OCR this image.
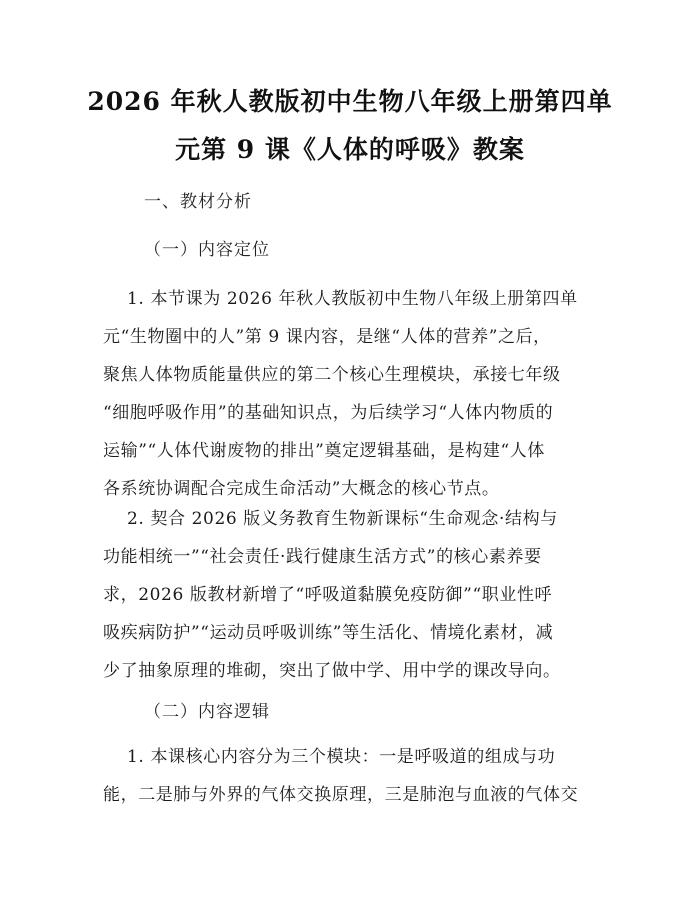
2026 年秋人教版初中生物八年级上册第四单
元第 9 课《人体的呼吸》教案
一、教材分析
（一）内容定位
1. 本节课为 2026 年秋人教版初中生物八年级上册第四单
元“生物圈中的人”第 9 课内容，是继“人体的营养”之后，
聚焦人体物质能量供应的第二个核心生理模块，承接七年级
“细胞呼吸作用”的基础知识点，为后续学习“人体内物质的
运输”“人体代谢废物的排出”奠定逻辑基础，是构建“人体
各系统协调配合完成生命活动”大概念的核心节点。
2. 契合 2026 版义务教育生物新课标“生命观念·结构与
功能相统一”“社会责任·践行健康生活方式”的核心素养要
求，2026 版教材新增了“呼吸道黏膜免疫防御”“职业性呼
吸疾病防护”“运动员呼吸训练”等生活化、情境化素材，减
少了抽象原理的堆砌，突出了做中学、用中学的课改导向。
（二）内容逻辑
1. 本课核心内容分为三个模块：一是呼吸道的组成与功
能，二是肺与外界的气体交换原理，三是肺泡与血液的气体交
